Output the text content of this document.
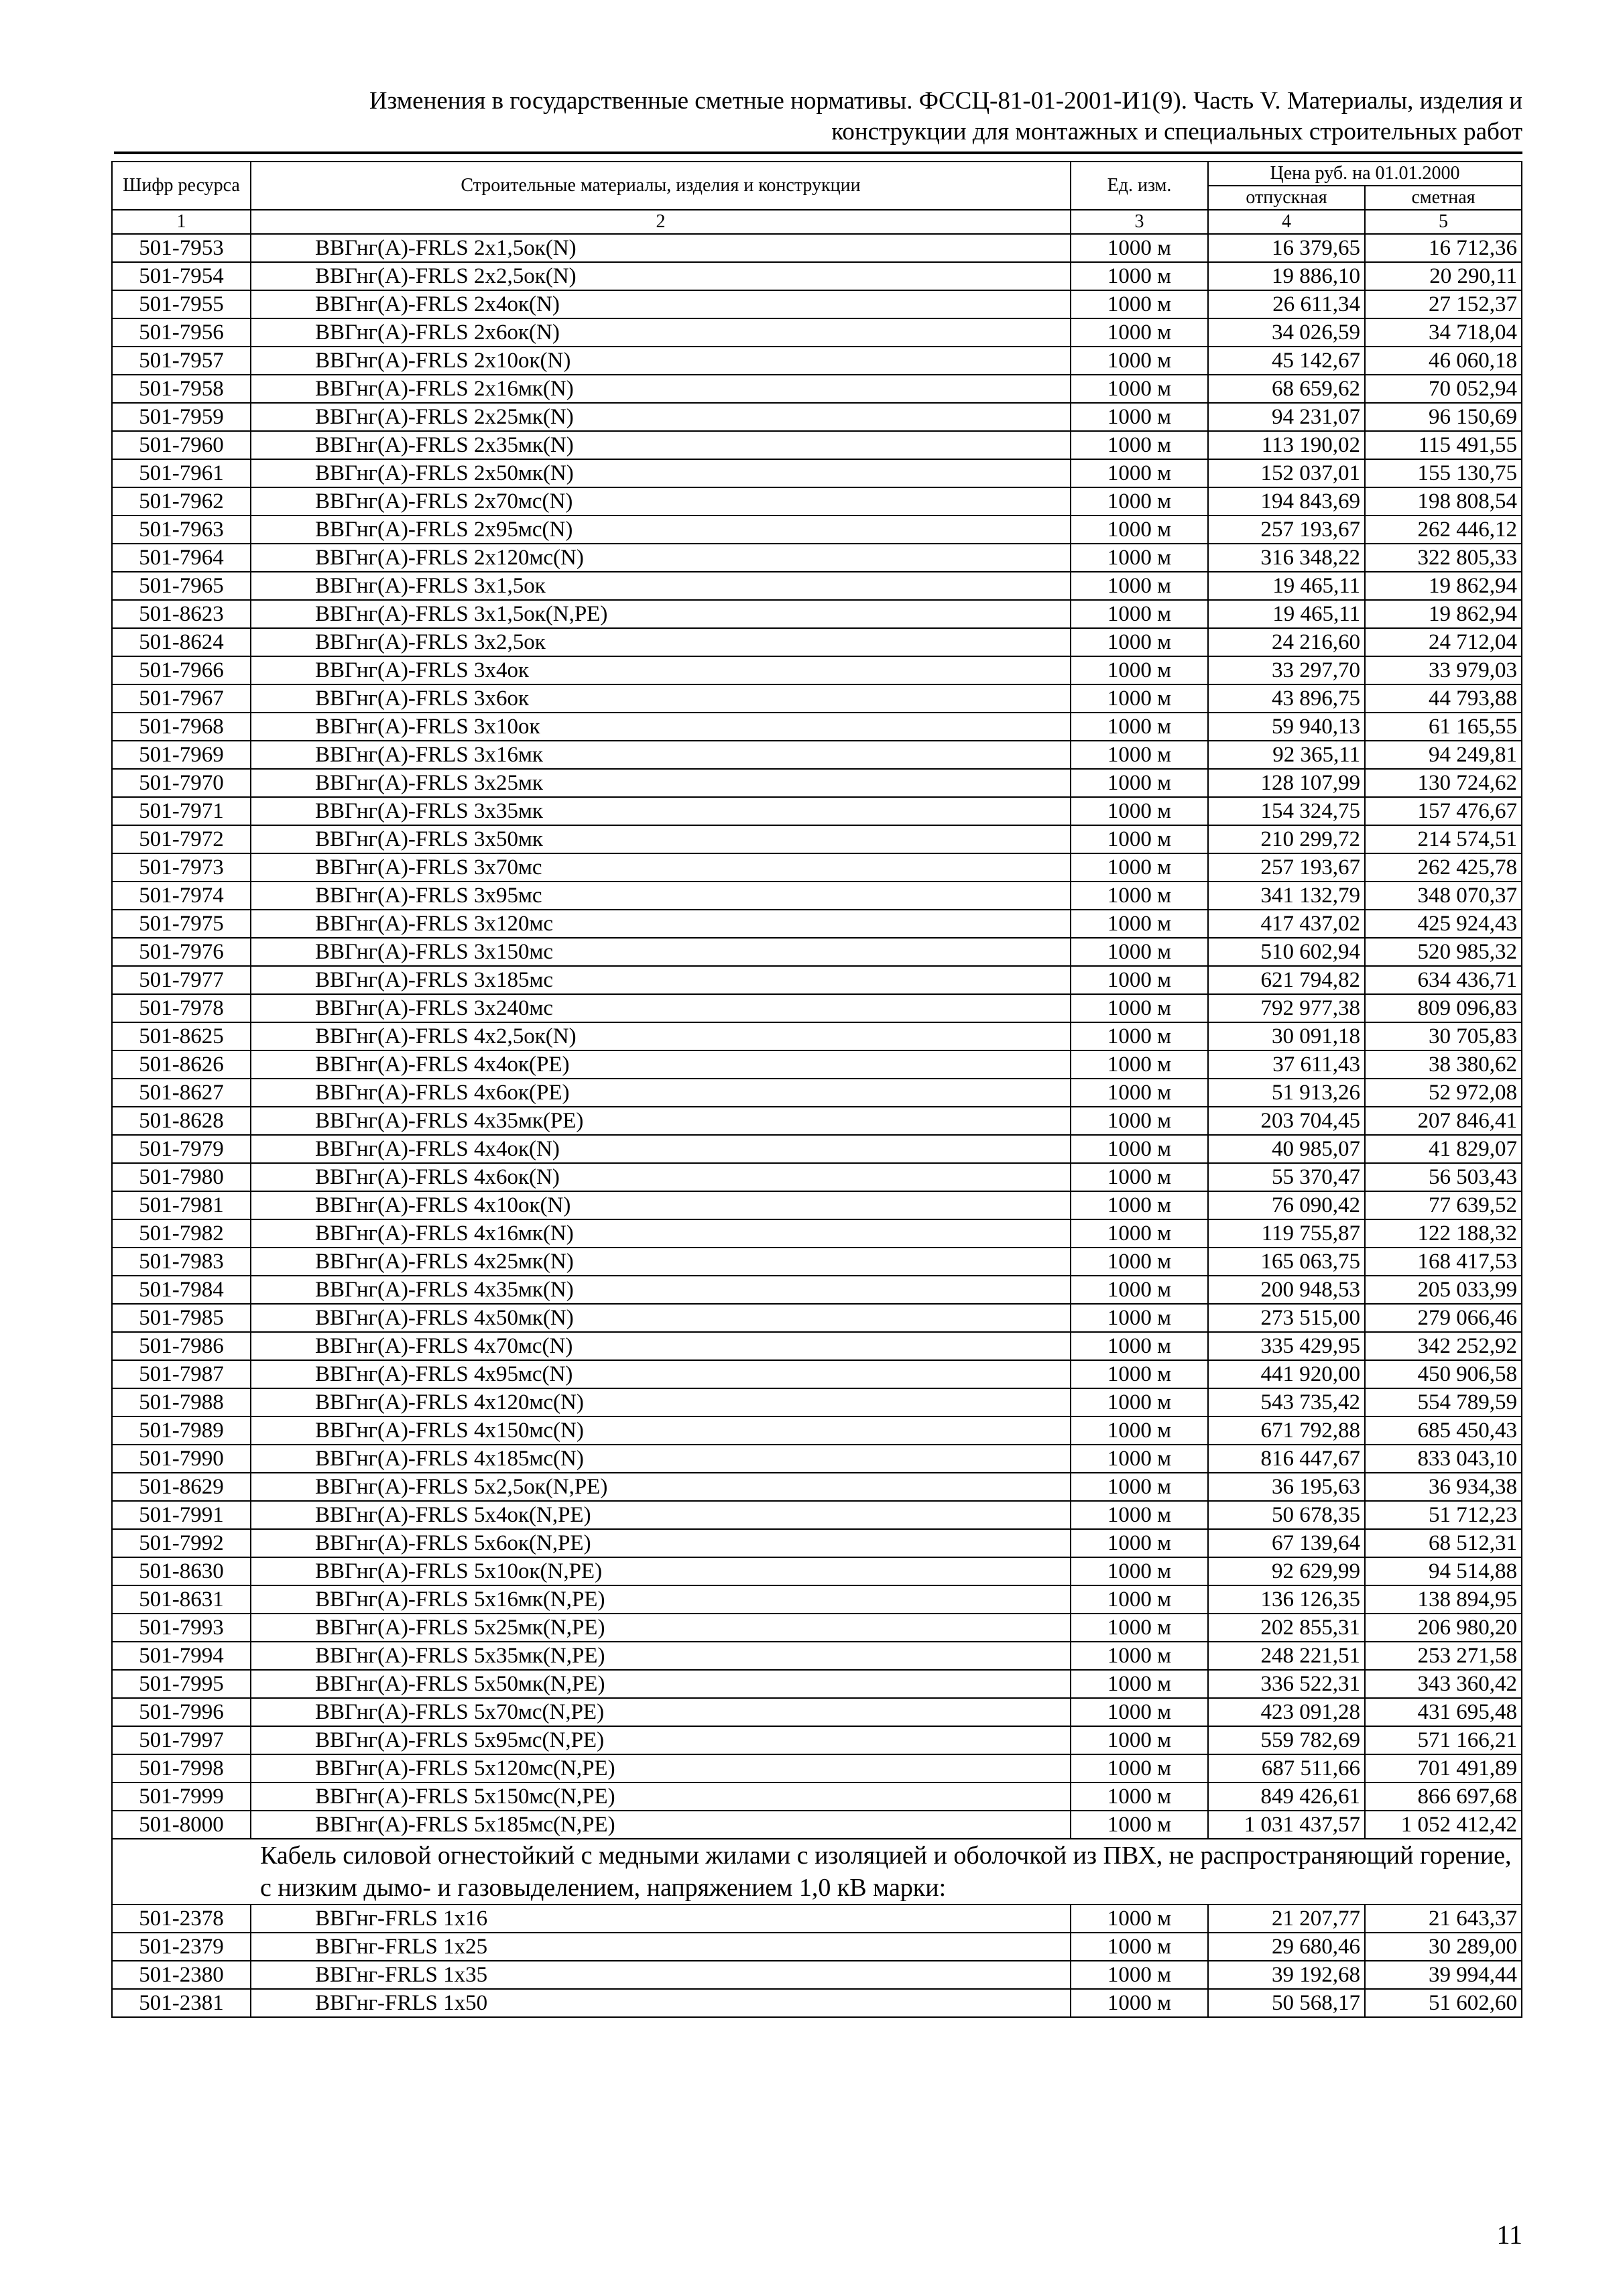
Изменения в государственные сметные нормативы. ФССЦ-81-01-2001-И1(9). Часть V. Материалы, изделия и
конструкции для монтажных и специальных строительных работ
Шифр ресурса	Строительные материалы, изделия и конструкции	Ед. изм.	Цена руб. на 01.01.2000	
			отпускная	сметная
1	2	3	4	5
501-7953	ВВГнг(А)-FRLS 2х1,5ок(N)	1000 м	16 379,65	16 712,36
501-7954	ВВГнг(А)-FRLS 2х2,5ок(N)	1000 м	19 886,10	20 290,11
501-7955	ВВГнг(А)-FRLS 2х4ок(N)	1000 м	26 611,34	27 152,37
501-7956	ВВГнг(А)-FRLS 2х6ок(N)	1000 м	34 026,59	34 718,04
501-7957	ВВГнг(А)-FRLS 2х10ок(N)	1000 м	45 142,67	46 060,18
501-7958	ВВГнг(А)-FRLS 2х16мк(N)	1000 м	68 659,62	70 052,94
501-7959	ВВГнг(А)-FRLS 2х25мк(N)	1000 м	94 231,07	96 150,69
501-7960	ВВГнг(А)-FRLS 2х35мк(N)	1000 м	113 190,02	115 491,55
501-7961	ВВГнг(А)-FRLS 2х50мк(N)	1000 м	152 037,01	155 130,75
501-7962	ВВГнг(А)-FRLS 2х70мс(N)	1000 м	194 843,69	198 808,54
501-7963	ВВГнг(А)-FRLS 2х95мс(N)	1000 м	257 193,67	262 446,12
501-7964	ВВГнг(А)-FRLS 2х120мс(N)	1000 м	316 348,22	322 805,33
501-7965	ВВГнг(А)-FRLS 3х1,5ок	1000 м	19 465,11	19 862,94
501-8623	ВВГнг(А)-FRLS 3х1,5ок(N,PE)	1000 м	19 465,11	19 862,94
501-8624	ВВГнг(А)-FRLS 3х2,5ок	1000 м	24 216,60	24 712,04
501-7966	ВВГнг(А)-FRLS 3х4ок	1000 м	33 297,70	33 979,03
501-7967	ВВГнг(А)-FRLS 3х6ок	1000 м	43 896,75	44 793,88
501-7968	ВВГнг(А)-FRLS 3х10ок	1000 м	59 940,13	61 165,55
501-7969	ВВГнг(А)-FRLS 3х16мк	1000 м	92 365,11	94 249,81
501-7970	ВВГнг(А)-FRLS 3х25мк	1000 м	128 107,99	130 724,62
501-7971	ВВГнг(А)-FRLS 3х35мк	1000 м	154 324,75	157 476,67
501-7972	ВВГнг(А)-FRLS 3х50мк	1000 м	210 299,72	214 574,51
501-7973	ВВГнг(А)-FRLS 3х70мс	1000 м	257 193,67	262 425,78
501-7974	ВВГнг(А)-FRLS 3х95мс	1000 м	341 132,79	348 070,37
501-7975	ВВГнг(А)-FRLS 3х120мс	1000 м	417 437,02	425 924,43
501-7976	ВВГнг(А)-FRLS 3х150мс	1000 м	510 602,94	520 985,32
501-7977	ВВГнг(А)-FRLS 3х185мс	1000 м	621 794,82	634 436,71
501-7978	ВВГнг(А)-FRLS 3х240мс	1000 м	792 977,38	809 096,83
501-8625	ВВГнг(А)-FRLS 4х2,5ок(N)	1000 м	30 091,18	30 705,83
501-8626	ВВГнг(А)-FRLS 4х4ок(PE)	1000 м	37 611,43	38 380,62
501-8627	ВВГнг(А)-FRLS 4х6ок(PE)	1000 м	51 913,26	52 972,08
501-8628	ВВГнг(А)-FRLS 4х35мк(PE)	1000 м	203 704,45	207 846,41
501-7979	ВВГнг(А)-FRLS 4х4ок(N)	1000 м	40 985,07	41 829,07
501-7980	ВВГнг(А)-FRLS 4х6ок(N)	1000 м	55 370,47	56 503,43
501-7981	ВВГнг(А)-FRLS 4х10ок(N)	1000 м	76 090,42	77 639,52
501-7982	ВВГнг(А)-FRLS 4х16мк(N)	1000 м	119 755,87	122 188,32
501-7983	ВВГнг(А)-FRLS 4х25мк(N)	1000 м	165 063,75	168 417,53
501-7984	ВВГнг(А)-FRLS 4х35мк(N)	1000 м	200 948,53	205 033,99
501-7985	ВВГнг(А)-FRLS 4х50мк(N)	1000 м	273 515,00	279 066,46
501-7986	ВВГнг(А)-FRLS 4х70мс(N)	1000 м	335 429,95	342 252,92
501-7987	ВВГнг(А)-FRLS 4х95мс(N)	1000 м	441 920,00	450 906,58
501-7988	ВВГнг(А)-FRLS 4х120мс(N)	1000 м	543 735,42	554 789,59
501-7989	ВВГнг(А)-FRLS 4х150мс(N)	1000 м	671 792,88	685 450,43
501-7990	ВВГнг(А)-FRLS 4х185мс(N)	1000 м	816 447,67	833 043,10
501-8629	ВВГнг(А)-FRLS 5х2,5ок(N,PE)	1000 м	36 195,63	36 934,38
501-7991	ВВГнг(А)-FRLS 5х4ок(N,PE)	1000 м	50 678,35	51 712,23
501-7992	ВВГнг(А)-FRLS 5х6ок(N,PE)	1000 м	67 139,64	68 512,31
501-8630	ВВГнг(А)-FRLS 5х10ок(N,PE)	1000 м	92 629,99	94 514,88
501-8631	ВВГнг(А)-FRLS 5х16мк(N,PE)	1000 м	136 126,35	138 894,95
501-7993	ВВГнг(А)-FRLS 5х25мк(N,PE)	1000 м	202 855,31	206 980,20
501-7994	ВВГнг(А)-FRLS 5х35мк(N,PE)	1000 м	248 221,51	253 271,58
501-7995	ВВГнг(А)-FRLS 5х50мк(N,PE)	1000 м	336 522,31	343 360,42
501-7996	ВВГнг(А)-FRLS 5х70мс(N,PE)	1000 м	423 091,28	431 695,48
501-7997	ВВГнг(А)-FRLS 5х95мс(N,PE)	1000 м	559 782,69	571 166,21
501-7998	ВВГнг(А)-FRLS 5х120мс(N,PE)	1000 м	687 511,66	701 491,89
501-7999	ВВГнг(А)-FRLS 5х150мс(N,PE)	1000 м	849 426,61	866 697,68
501-8000	ВВГнг(А)-FRLS 5х185мс(N,PE)	1000 м	1 031 437,57	1 052 412,42
Кабель силовой огнестойкий с медными жилами с изоляцией и оболочкой из ПВХ, не распространяющий горение, с низким дымо- и газовыделением, напряжением 1,0 кВ марки:				
501-2378	ВВГнг-FRLS 1х16	1000 м	21 207,77	21 643,37
501-2379	ВВГнг-FRLS 1х25	1000 м	29 680,46	30 289,00
501-2380	ВВГнг-FRLS 1х35	1000 м	39 192,68	39 994,44
501-2381	ВВГнг-FRLS 1х50	1000 м	50 568,17	51 602,60
11
